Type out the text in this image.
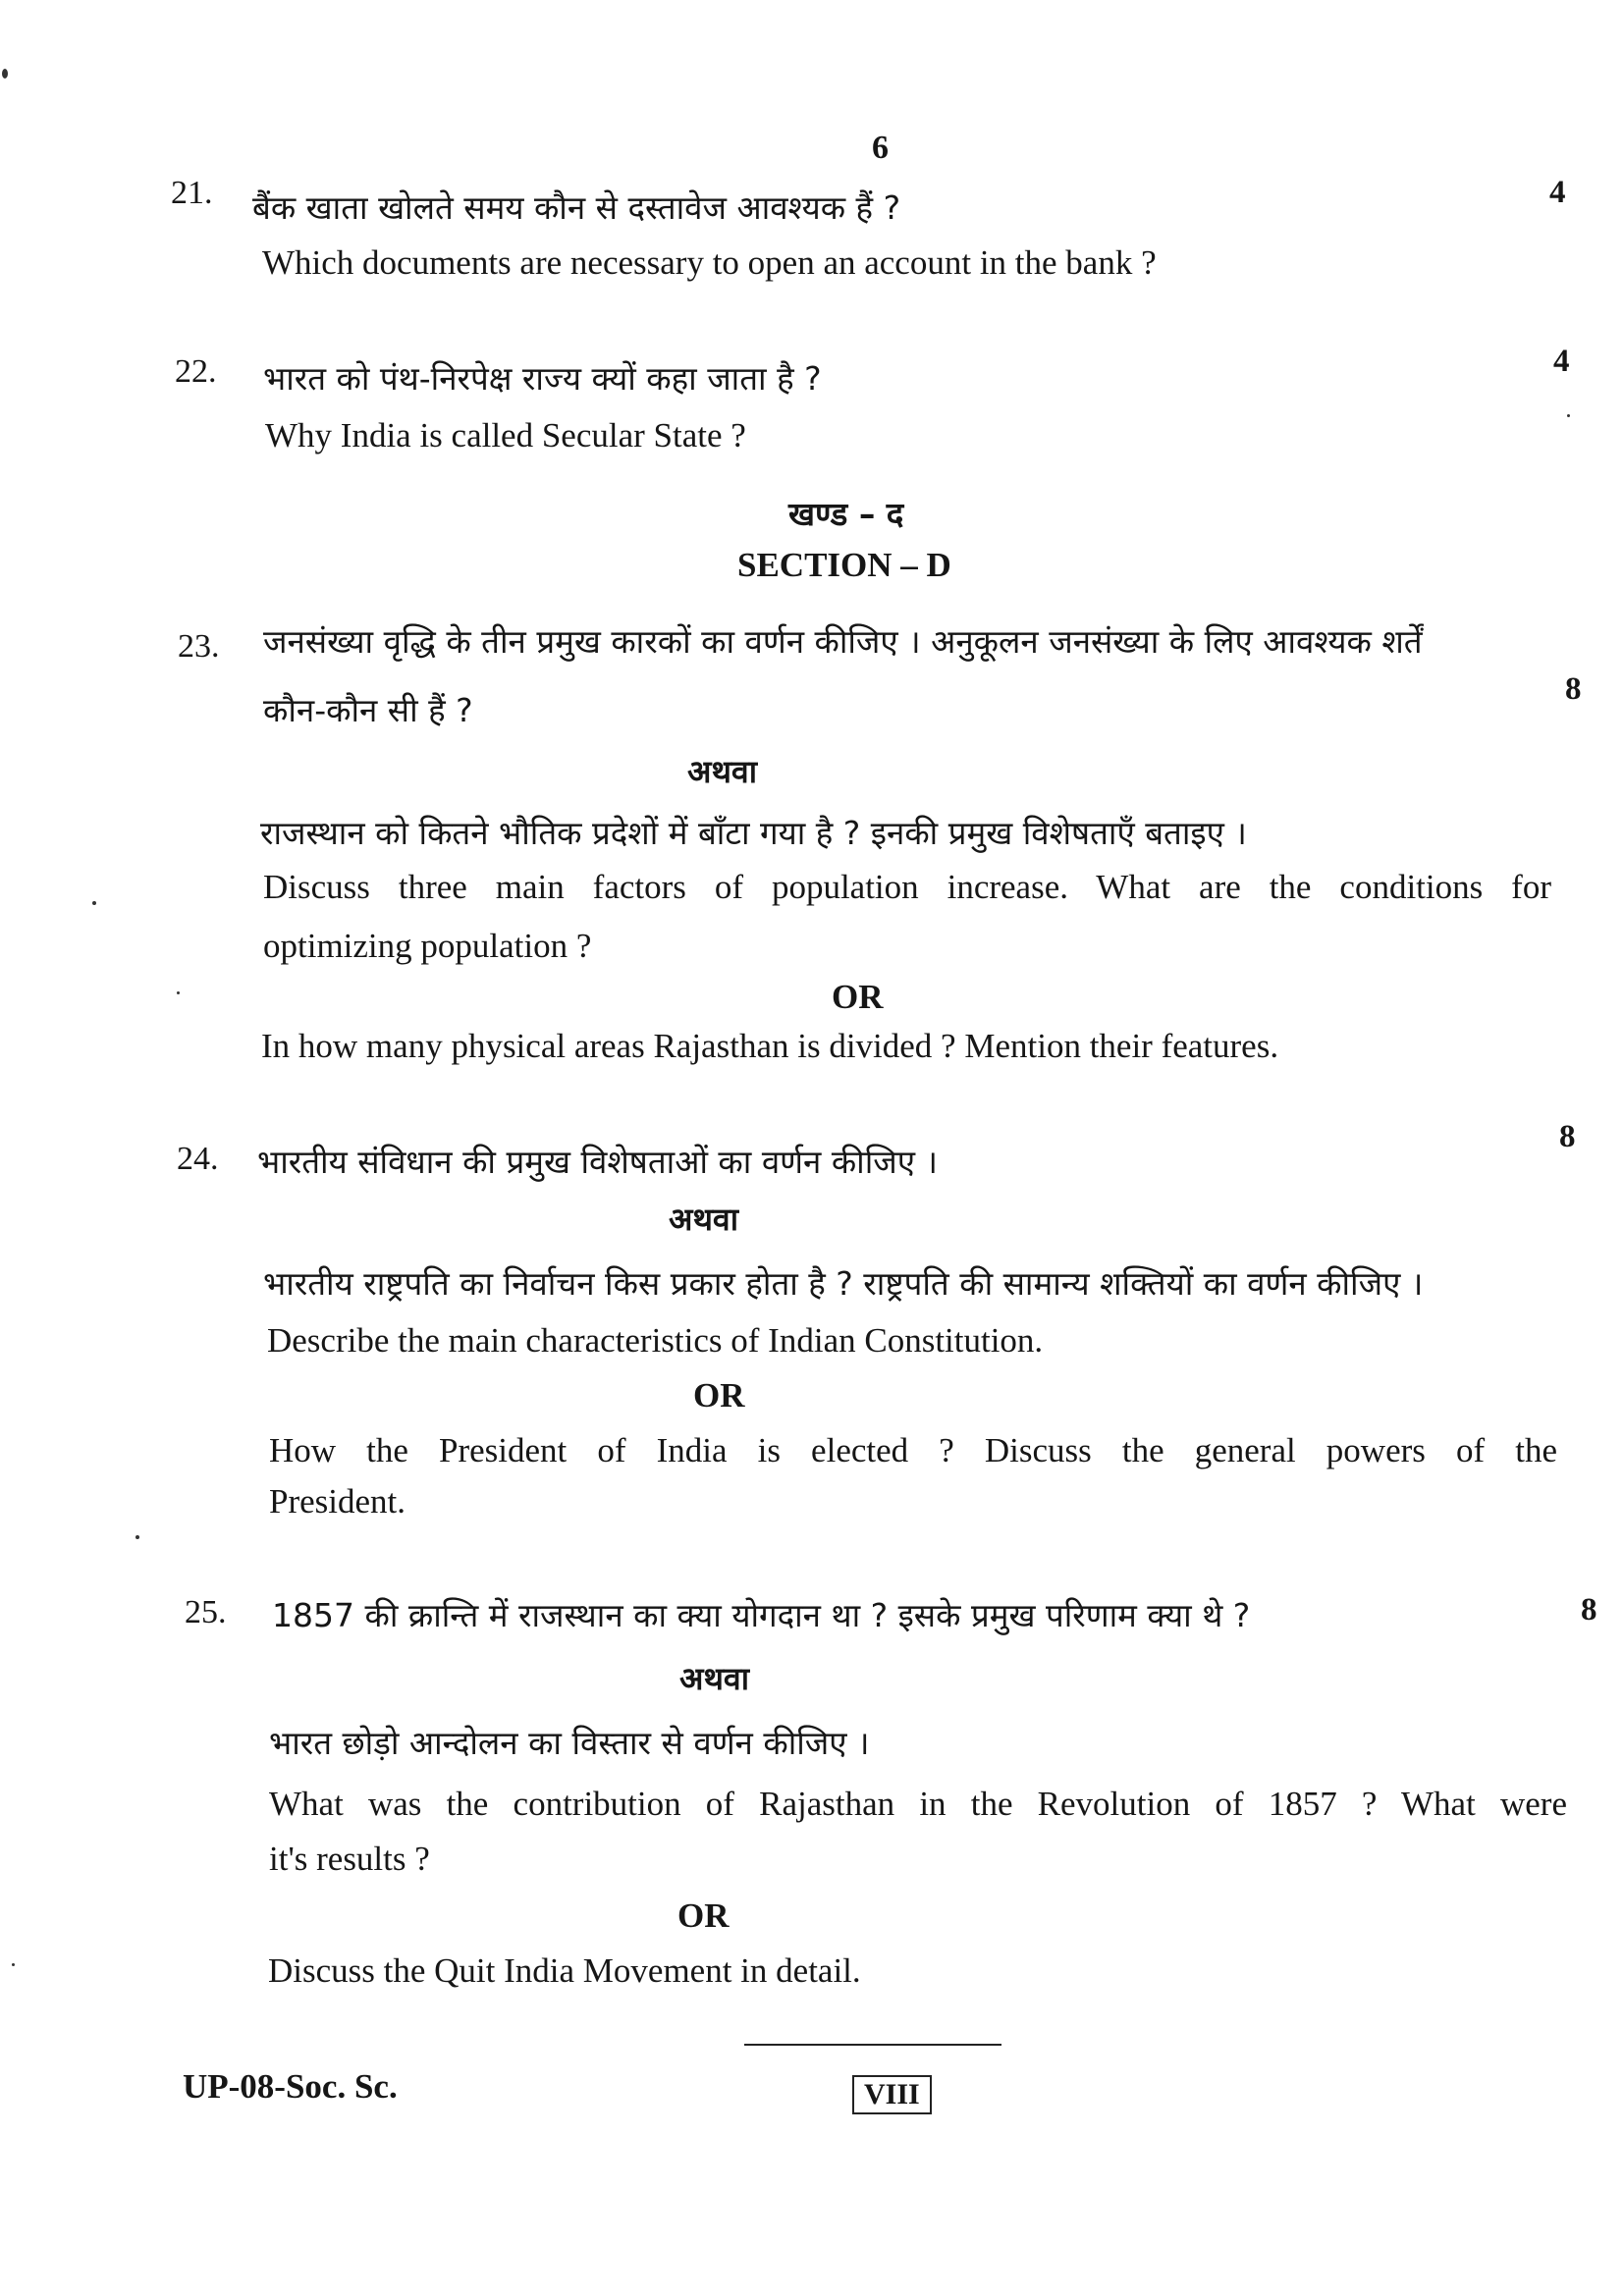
6
21. बैंक खाता खोलते समय कौन से दस्तावेज आवश्यक हैं ?
Which documents are necessary to open an account in the bank ?
4
22. भारत को पंथ-निरपेक्ष राज्य क्यों कहा जाता है ?
Why India is called Secular State ?
4
खण्ड – द
SECTION – D
23. जनसंख्या वृद्धि के तीन प्रमुख कारकों का वर्णन कीजिए । अनुकूलन जनसंख्या के लिए आवश्यक शर्तें
कौन-कौन सी हैं ?
8
अथवा
राजस्थान को कितने भौतिक प्रदेशों में बाँटा गया है ? इनकी प्रमुख विशेषताएँ बताइए ।
Discuss three main factors of population increase. What are the conditions for
optimizing population ?
OR
In how many physical areas Rajasthan is divided ? Mention their features.
24. भारतीय संविधान की प्रमुख विशेषताओं का वर्णन कीजिए ।
8
अथवा
भारतीय राष्ट्रपति का निर्वाचन किस प्रकार होता है ? राष्ट्रपति की सामान्य शक्तियों का वर्णन कीजिए ।
Describe the main characteristics of Indian Constitution.
OR
How the President of India is elected ? Discuss the general powers of the
President.
25. 1857 की क्रान्ति में राजस्थान का क्या योगदान था ? इसके प्रमुख परिणाम क्या थे ?	8
अथवा
भारत छोड़ो आन्दोलन का विस्तार से वर्णन कीजिए ।
What was the contribution of Rajasthan in the Revolution of 1857 ? What were
it's results ?
OR
Discuss the Quit India Movement in detail.
UP-08-Soc. Sc.	VIII
